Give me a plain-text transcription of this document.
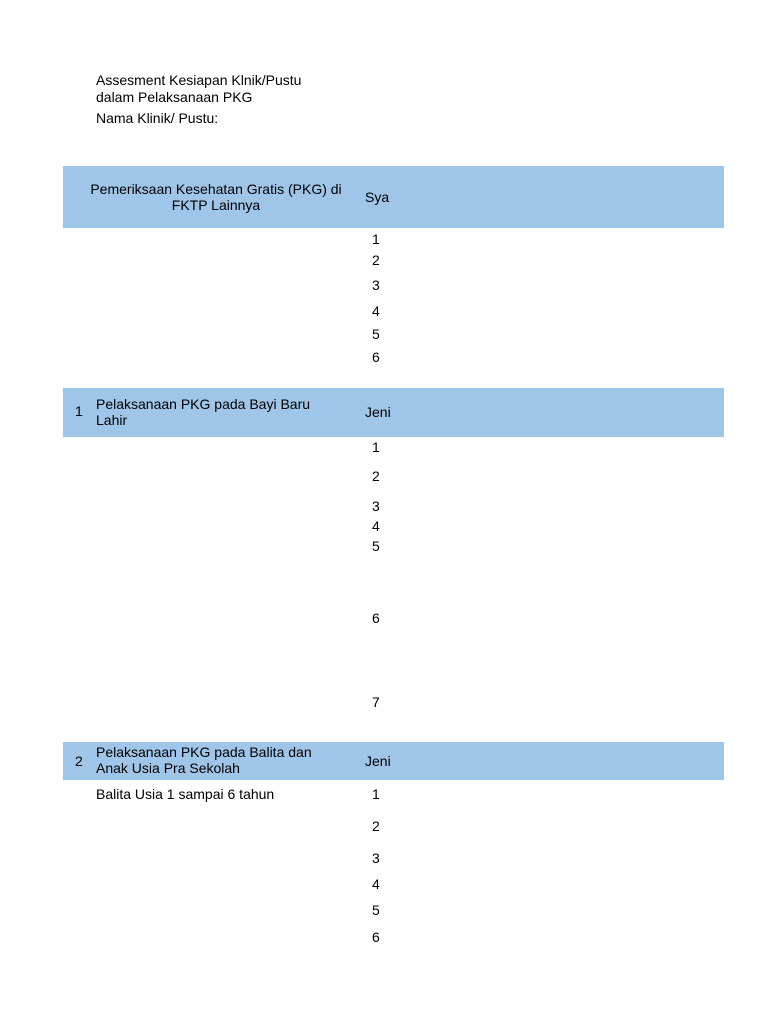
Assesment Kesiapan Klnik/Pustu
dalam Pelaksanaan PKG
Nama Klinik/ Pustu:
Pemeriksaan Kesehatan Gratis (PKG) di
FKTP Lainnya	Sya
1
2
3
4
5
6
1 Pelaksanaan PKG pada Bayi Baru
Lahir	Jeni
1
2
3
4
5
6
7
2
Pelaksanaan PKG pada Balita dan
Anak Usia Pra Sekolah	Jeni
Balita Usia 1 sampai 6 tahun	1
2
3
4
5
6
